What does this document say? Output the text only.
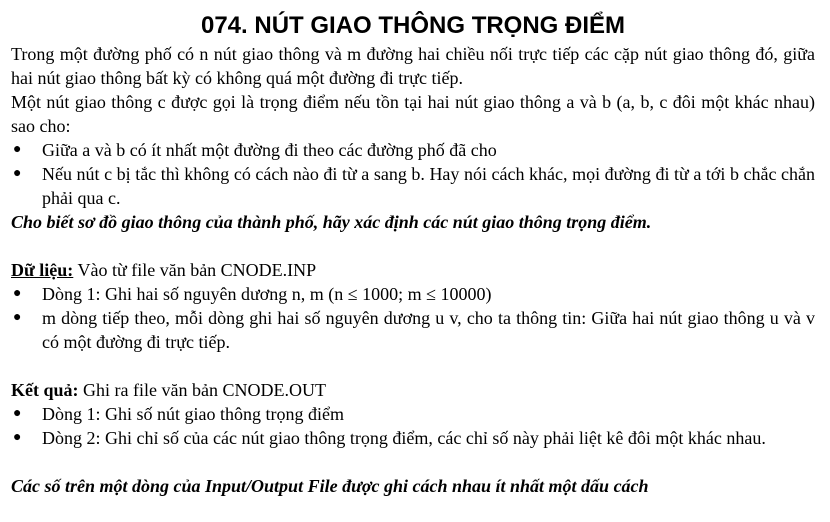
074. NÚT GIAO THÔNG TRỌNG ĐIỂM

Trong một đường phố có n nút giao thông và m đường hai chiều nối trực tiếp các cặp nút giao thông đó, giữa hai nút giao thông bất kỳ có không quá một đường đi trực tiếp.

Một nút giao thông c được gọi là trọng điểm nếu tồn tại hai nút giao thông a và b (a, b, c đôi một khác nhau) sao cho:

●	Giữa a và b có ít nhất một đường đi theo các đường phố đã cho
●	Nếu nút c bị tắc thì không có cách nào đi từ a sang b. Hay nói cách khác, mọi đường đi từ a tới b chắc chắn phải qua c.

Cho biết sơ đồ giao thông của thành phố, hãy xác định các nút giao thông trọng điểm.

Dữ liệu: Vào từ file văn bản CNODE.INP

●	Dòng 1: Ghi hai số nguyên dương n, m (n ≤ 1000; m ≤ 10000)
●	m dòng tiếp theo, mỗi dòng ghi hai số nguyên dương u v, cho ta thông tin: Giữa hai nút giao thông u và v có một đường đi trực tiếp.

Kết quả: Ghi ra file văn bản CNODE.OUT

●	Dòng 1: Ghi số nút giao thông trọng điểm
●	Dòng 2: Ghi chỉ số của các nút giao thông trọng điểm, các chỉ số này phải liệt kê đôi một khác nhau.

Các số trên một dòng của Input/Output File được ghi cách nhau ít nhất một dấu cách
